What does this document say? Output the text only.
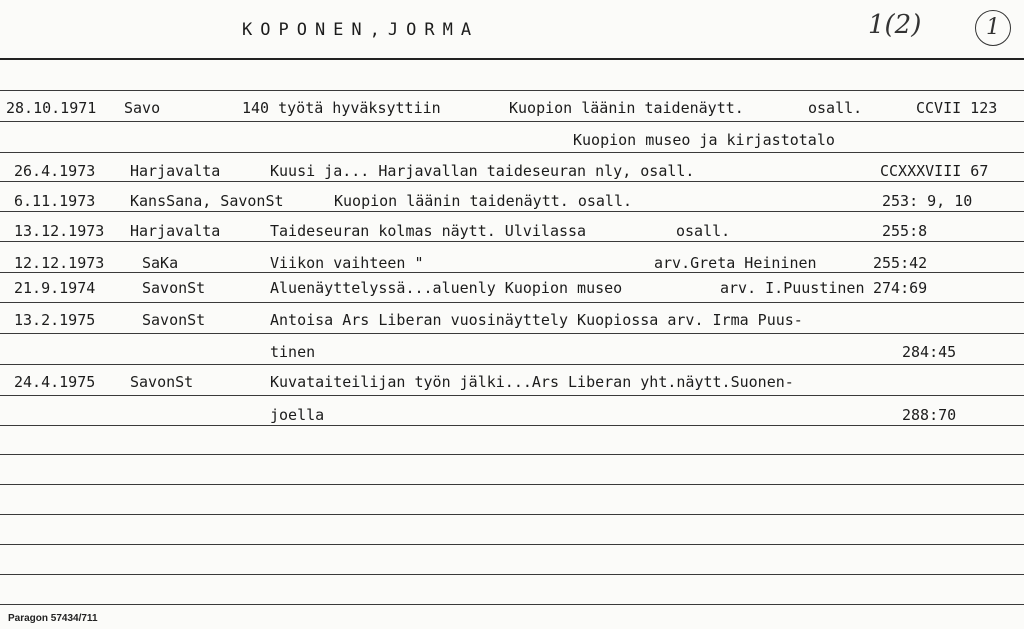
KOPONEN,JORMA	1(2)	1
28.10.1971 Savo	140 työtä hyväksyttiin	Kuopion läänin taidenäytt.	osall.	CCVII 123
Kuopion museo ja kirjastotalo
26.4.1973 Harjavalta	Kuusi ja... Harjavallan taideseuran nly, osall.	CCXXXVIII 67
6.11.1973 KansSana, SavonSt	Kuopion läänin taidenäytt. osall.	253: 9, 10
13.12.1973 Harjavalta	Taideseuran kolmas näytt. Ulvilassa	osall.	255:8
12.12.1973	SaKa	Viikon vaihteen "	arv.Greta Heininen	255:42
21.9.1974	SavonSt	Aluenäyttelyssä...aluenly Kuopion museo	arv. I.Puustinen 274:69
13.2.1975	SavonSt	Antoisa Ars Liberan vuosinäyttely Kuopiossa arv. Irma Puus-
tinen	284:45
24.4.1975 SavonSt	Kuvataiteilijan työn jälki...Ars Liberan yht.näytt.Suonen-
joella	288:70
Paragon 57434/711
